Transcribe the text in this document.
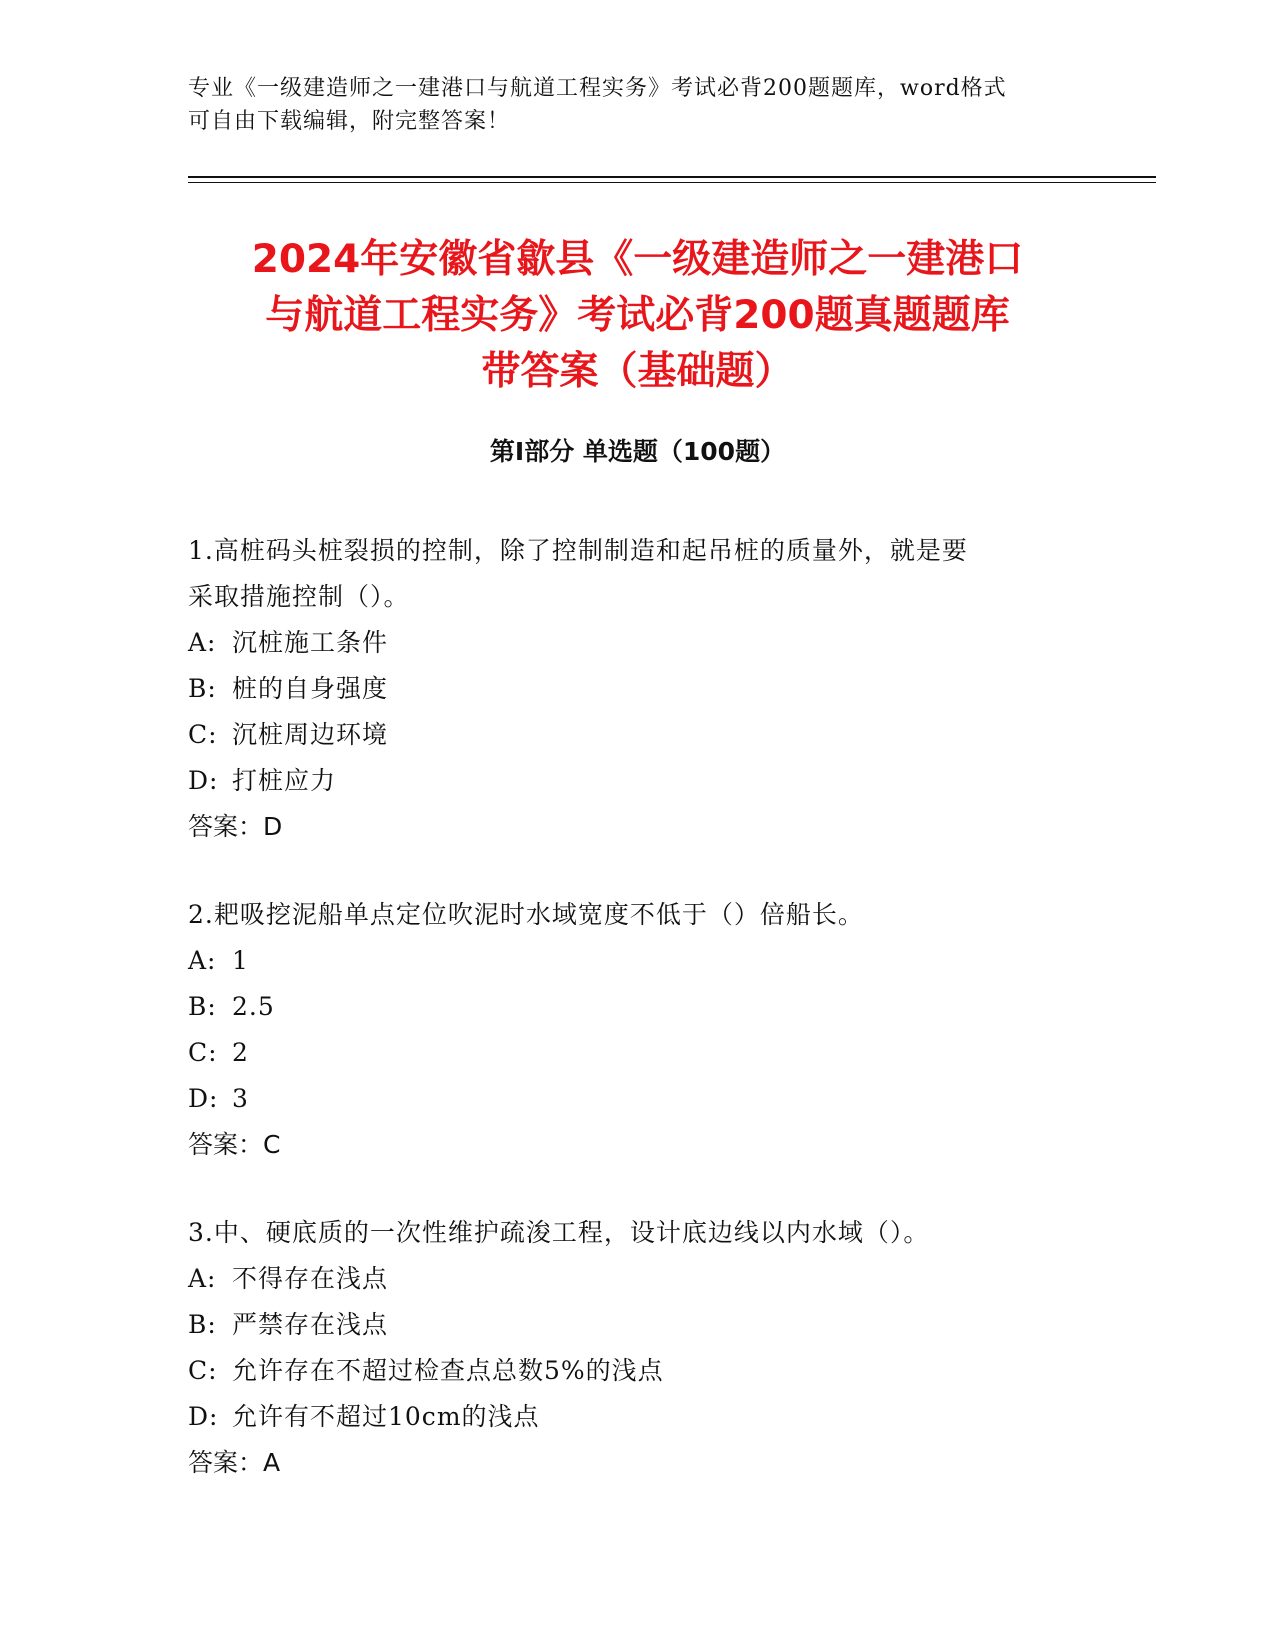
专业《一级建造师之一建港口与航道工程实务》考试必背200题题库，word格式
可自由下载编辑，附完整答案！
2024年安徽省歙县《一级建造师之一建港口
与航道工程实务》考试必背200题真题题库
带答案（基础题）
第I部分 单选题（100题）
1.高桩码头桩裂损的控制，除了控制制造和起吊桩的质量外，就是要
采取措施控制（）。
A: 沉桩施工条件
B: 桩的自身强度
C: 沉桩周边环境
D: 打桩应力
答案：D
2.耙吸挖泥船单点定位吹泥时水域宽度不低于（）倍船长。
A: 1
B: 2.5
C: 2
D: 3
答案：C
3.中、硬底质的一次性维护疏浚工程，设计底边线以内水域（）。
A: 不得存在浅点
B: 严禁存在浅点
C: 允许存在不超过检查点总数5%的浅点
D: 允许有不超过10cm的浅点
答案：A
